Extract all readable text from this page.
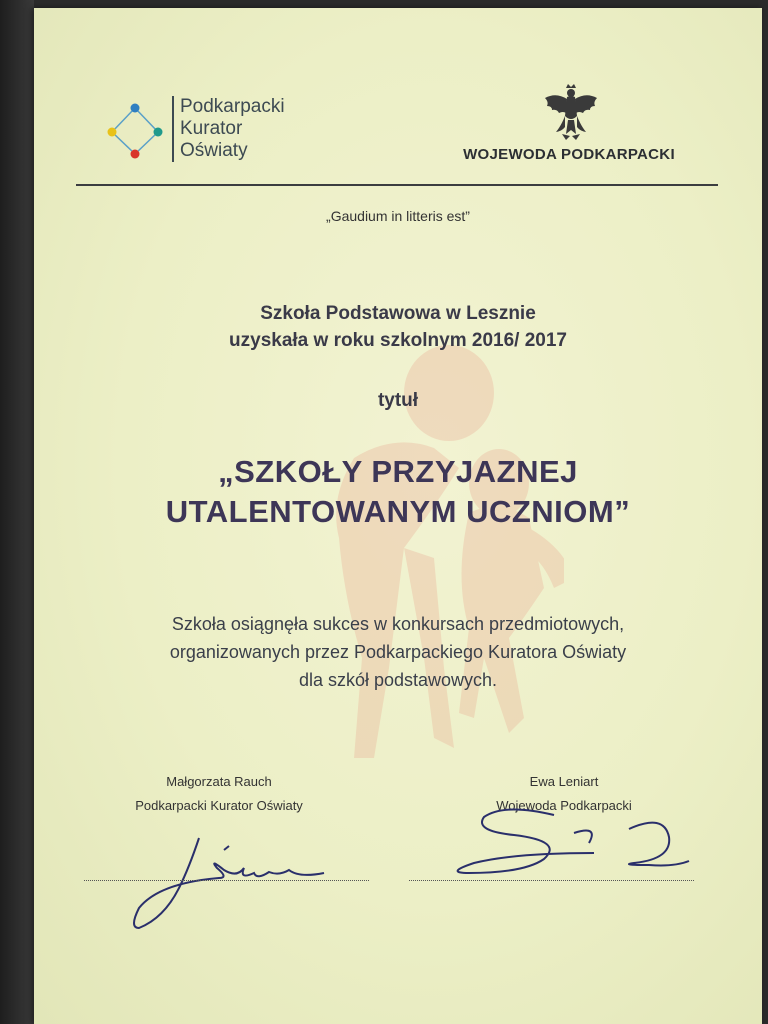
Podkarpacki
Kurator
Oświaty	WOJEWODA PODKARPACKI
„Gaudium in litteris est”
Szkoła Podstawowa w Lesznie
uzyskała w roku szkolnym 2016/ 2017
tytuł
„SZKOŁY PRZYJAZNEJ
UTALENTOWANYM UCZNIOM”
Szkoła osiągnęła sukces w konkursach przedmiotowych,
organizowanych przez Podkarpackiego Kuratora Oświaty
dla szkół podstawowych.
Małgorzata Rauch
Podkarpacki Kurator Oświaty
Ewa Leniart
Wojewoda Podkarpacki
